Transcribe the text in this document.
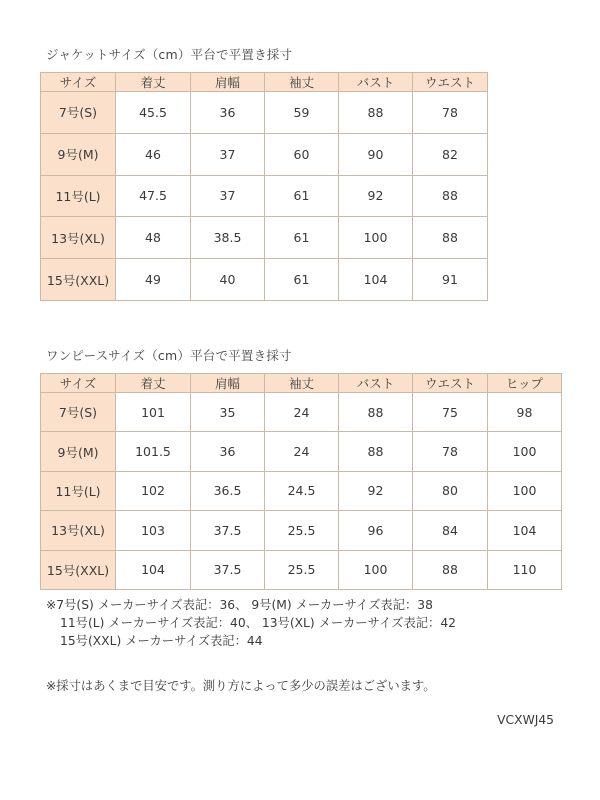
ジャケットサイズ（cm）平台で平置き採寸
サイズ	着丈	肩幅	袖丈	バスト	ウエスト
7号(S)	45.5	36	59	88	78
9号(M)	46	37	60	90	82
11号(L)	47.5	37	61	92	88
13号(XL)	48	38.5	61	100	88
15号(XXL)	49	40	61	104	91
ワンピースサイズ（cm）平台で平置き採寸
サイズ	着丈	肩幅	袖丈	バスト	ウエスト	ヒップ
7号(S)	101	35	24	88	75	98
9号(M)	101.5	36	24	88	78	100
11号(L)	102	36.5	24.5	92	80	100
13号(XL)	103	37.5	25.5	96	84	104
15号(XXL)	104	37.5	25.5	100	88	110
※7号(S) メーカーサイズ表記：36、 9号(M) メーカーサイズ表記：38
11号(L) メーカーサイズ表記：40、 13号(XL) メーカーサイズ表記：42
15号(XXL) メーカーサイズ表記：44
※採寸はあくまで目安です。測り方によって多少の誤差はございます。
VCXWJ45
